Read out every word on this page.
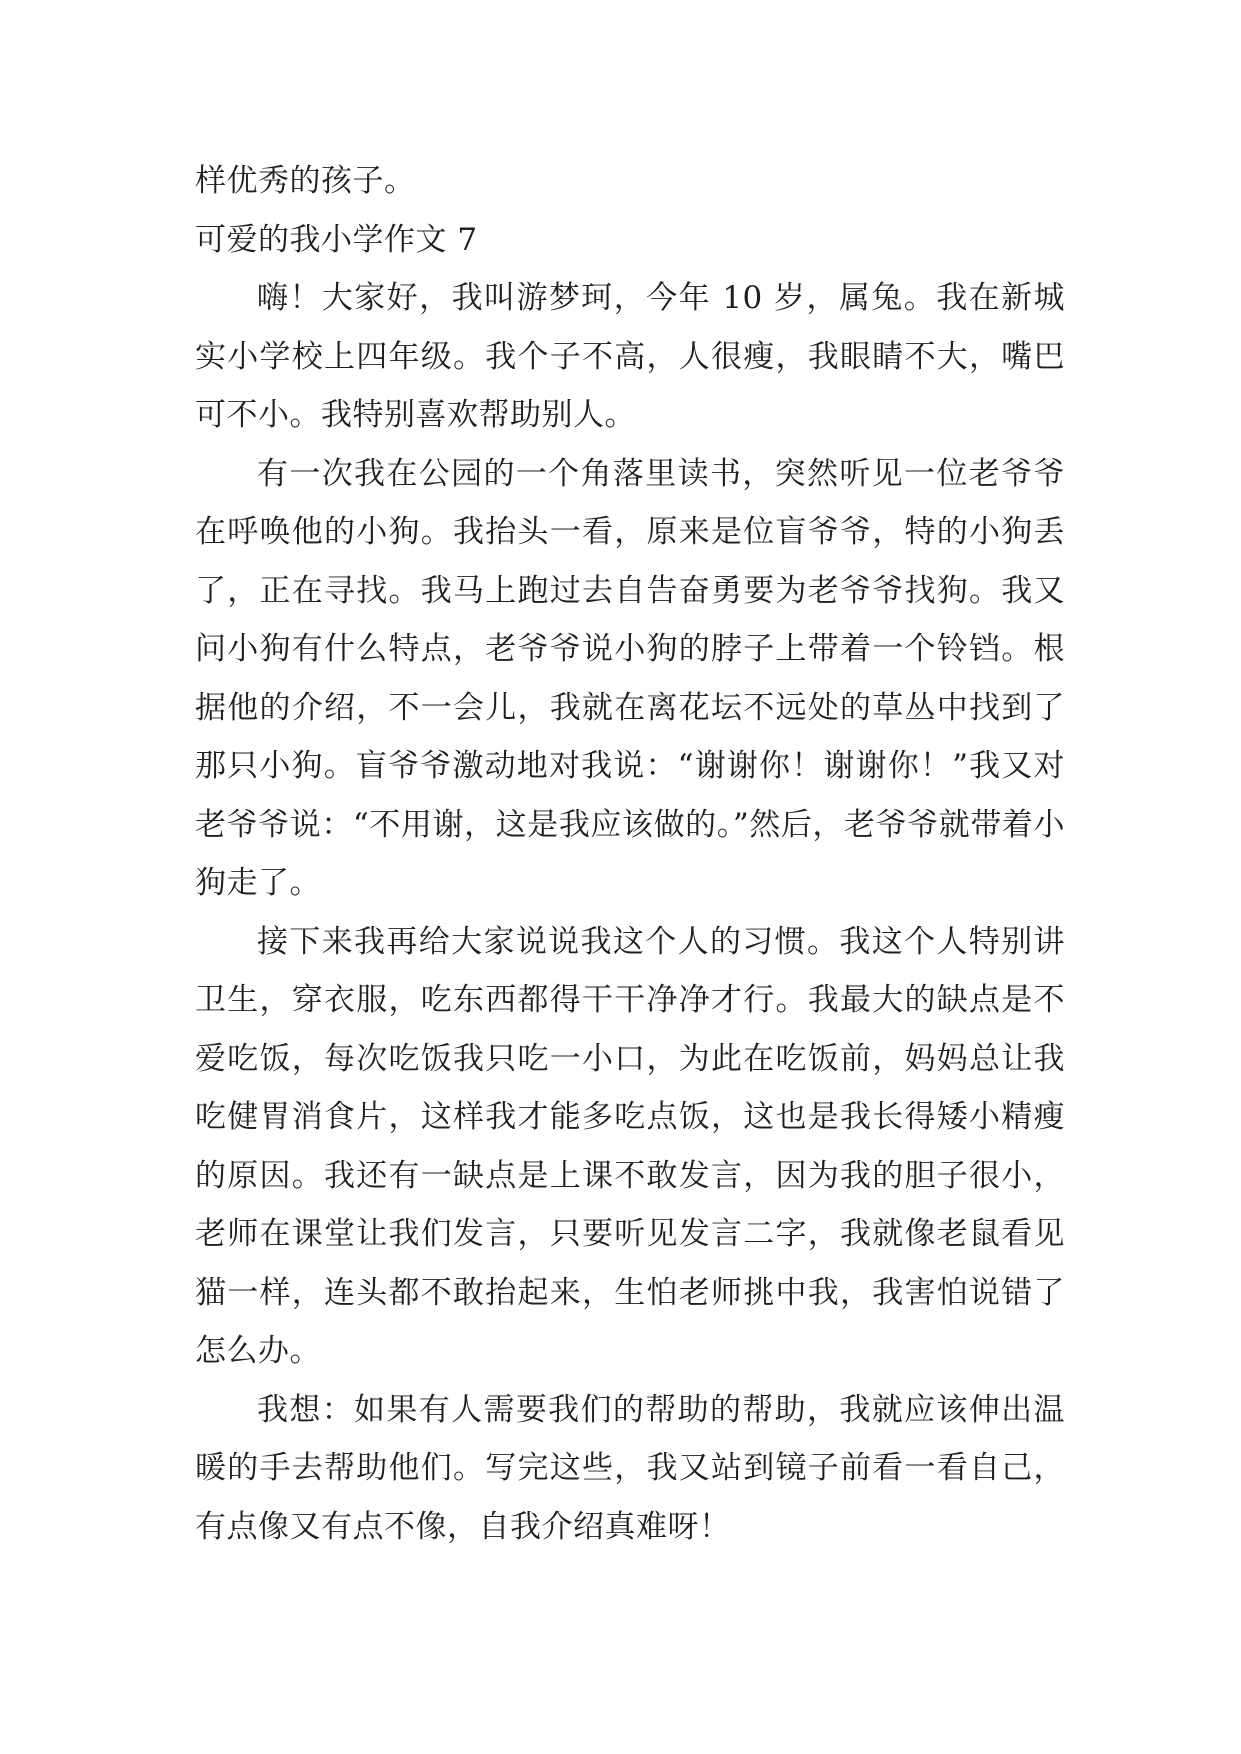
样优秀的孩子。

可爱的我小学作文 7

嗨！大家好，我叫游梦珂，今年 10 岁，属兔。我在新城实小学校上四年级。我个子不高，人很瘦，我眼睛不大，嘴巴可不小。我特别喜欢帮助别人。

有一次我在公园的一个角落里读书，突然听见一位老爷爷在呼唤他的小狗。我抬头一看，原来是位盲爷爷，特的小狗丢了，正在寻找。我马上跑过去自告奋勇要为老爷爷找狗。我又问小狗有什么特点，老爷爷说小狗的脖子上带着一个铃铛。根据他的介绍，不一会儿，我就在离花坛不远处的草丛中找到了那只小狗。盲爷爷激动地对我说：“谢谢你！谢谢你！”我又对老爷爷说：“不用谢，这是我应该做的。”然后，老爷爷就带着小狗走了。

接下来我再给大家说说我这个人的习惯。我这个人特别讲卫生，穿衣服，吃东西都得干干净净才行。我最大的缺点是不爱吃饭，每次吃饭我只吃一小口，为此在吃饭前，妈妈总让我吃健胃消食片，这样我才能多吃点饭，这也是我长得矮小精瘦的原因。我还有一缺点是上课不敢发言，因为我的胆子很小，老师在课堂让我们发言，只要听见发言二字，我就像老鼠看见猫一样，连头都不敢抬起来，生怕老师挑中我，我害怕说错了怎么办。

我想：如果有人需要我们的帮助的帮助，我就应该伸出温暖的手去帮助他们。写完这些，我又站到镜子前看一看自己，有点像又有点不像，自我介绍真难呀！
